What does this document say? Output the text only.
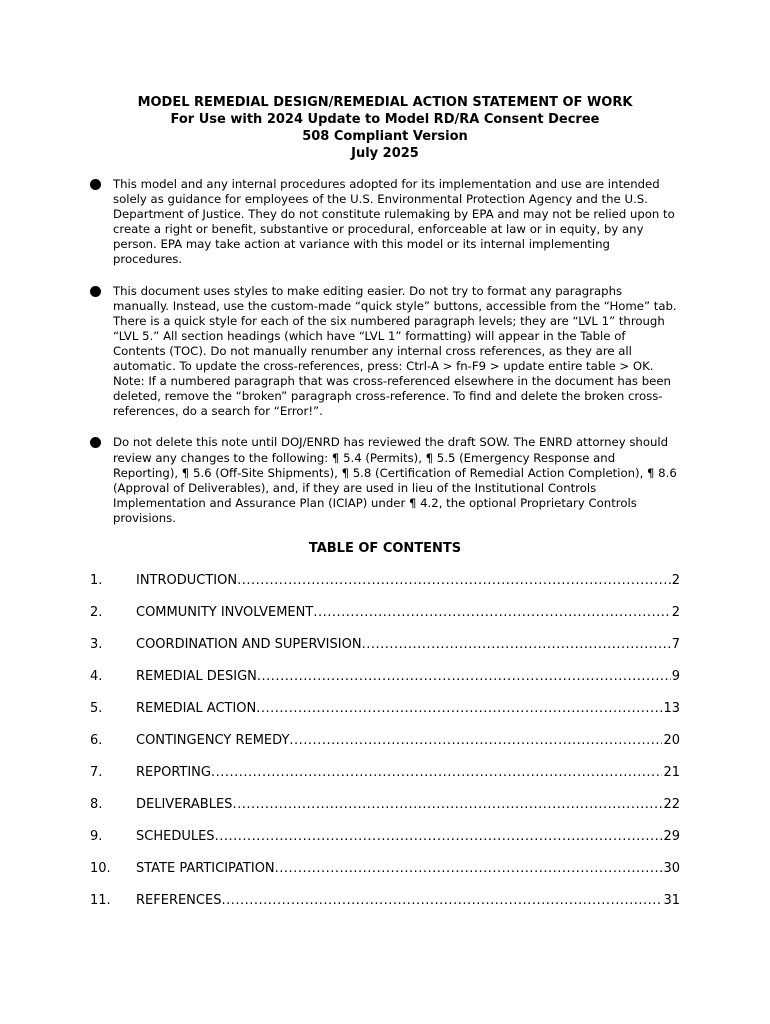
MODEL REMEDIAL DESIGN/REMEDIAL ACTION STATEMENT OF WORK
For Use with 2024 Update to Model RD/RA Consent Decree
508 Compliant Version
July 2025
This model and any internal procedures adopted for its implementation and use are intended solely as guidance for employees of the U.S. Environmental Protection Agency and the U.S. Department of Justice. They do not constitute rulemaking by EPA and may not be relied upon to create a right or benefit, substantive or procedural, enforceable at law or in equity, by any person. EPA may take action at variance with this model or its internal implementing procedures.
This document uses styles to make editing easier. Do not try to format any paragraphs manually. Instead, use the custom-made “quick style” buttons, accessible from the “Home” tab. There is a quick style for each of the six numbered paragraph levels; they are “LVL 1” through “LVL 5.” All section headings (which have “LVL 1” formatting) will appear in the Table of Contents (TOC). Do not manually renumber any internal cross references, as they are all automatic. To update the cross-references, press: Ctrl-A > fn-F9 > update entire table > OK. Note: If a numbered paragraph that was cross-referenced elsewhere in the document has been deleted, remove the “broken” paragraph cross-reference. To find and delete the broken cross-references, do a search for “Error!”.
Do not delete this note until DOJ/ENRD has reviewed the draft SOW. The ENRD attorney should review any changes to the following: ¶ 5.4 (Permits), ¶ 5.5 (Emergency Response and Reporting), ¶ 5.6 (Off-Site Shipments), ¶ 5.8 (Certification of Remedial Action Completion), ¶ 8.6 (Approval of Deliverables), and, if they are used in lieu of the Institutional Controls Implementation and Assurance Plan (ICIAP) under ¶ 4.2, the optional Proprietary Controls provisions.
TABLE OF CONTENTS
1.	INTRODUCTION .....	2
2.	COMMUNITY INVOLVEMENT .....	2
3.	COORDINATION AND SUPERVISION .....	7
4.	REMEDIAL DESIGN .....	9
5.	REMEDIAL ACTION .....	13
6.	CONTINGENCY REMEDY .....	20
7.	REPORTING .....	21
8.	DELIVERABLES .....	22
9.	SCHEDULES .....	29
10.	STATE PARTICIPATION .....	30
11.	REFERENCES .....	31
